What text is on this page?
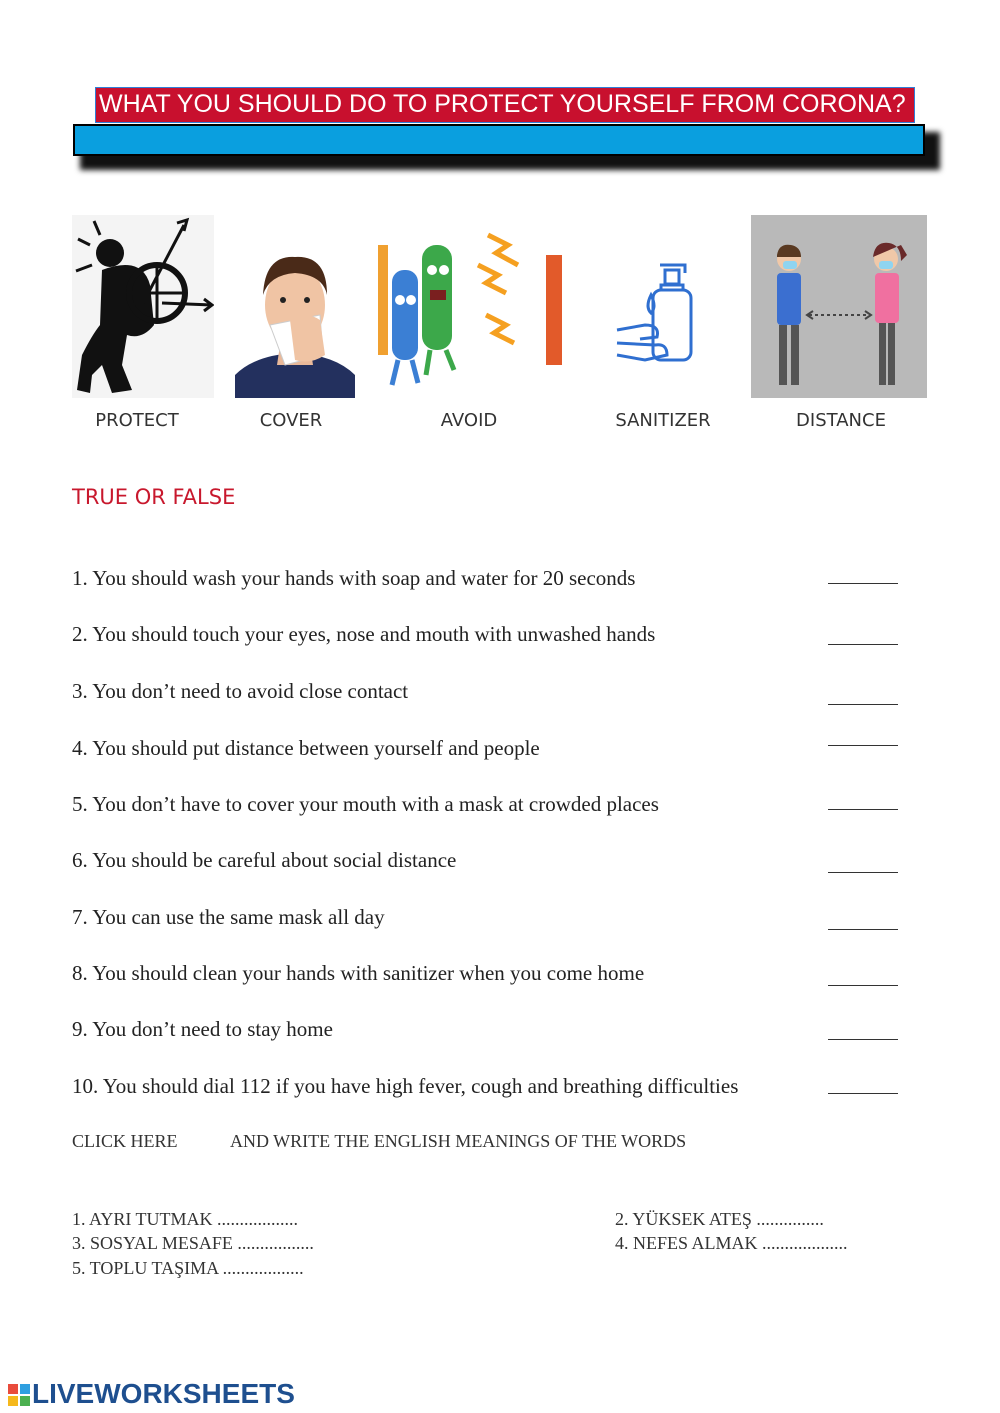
WHAT YOU SHOULD DO TO PROTECT YOURSELF FROM CORONA?
PROTECT	COVER	AVOID	SANITIZER	DISTANCE
TRUE OR FALSE
1. You should wash your hands with soap and water for 20 seconds
2. You should touch your eyes, nose and mouth with unwashed hands
3. You don’t need to avoid close contact
4. You should put distance between yourself and people
5. You don’t have to cover your mouth with a mask at crowded places
6. You should be careful about social distance
7. You can use the same mask all day
8. You should clean your hands with sanitizer when you come home
9. You don’t need to stay home
10. You should dial 112 if you have high fever, cough and breathing difficulties
CLICK HERE	AND WRITE THE ENGLISH MEANINGS OF THE WORDS
1. AYRI TUTMAK ..................	2. YÜKSEK ATEŞ ...............
3. SOSYAL MESAFE .................	4. NEFES ALMAK ...................
5. TOPLU TAŞIMA ..................
LIVEWORKSHEETS
